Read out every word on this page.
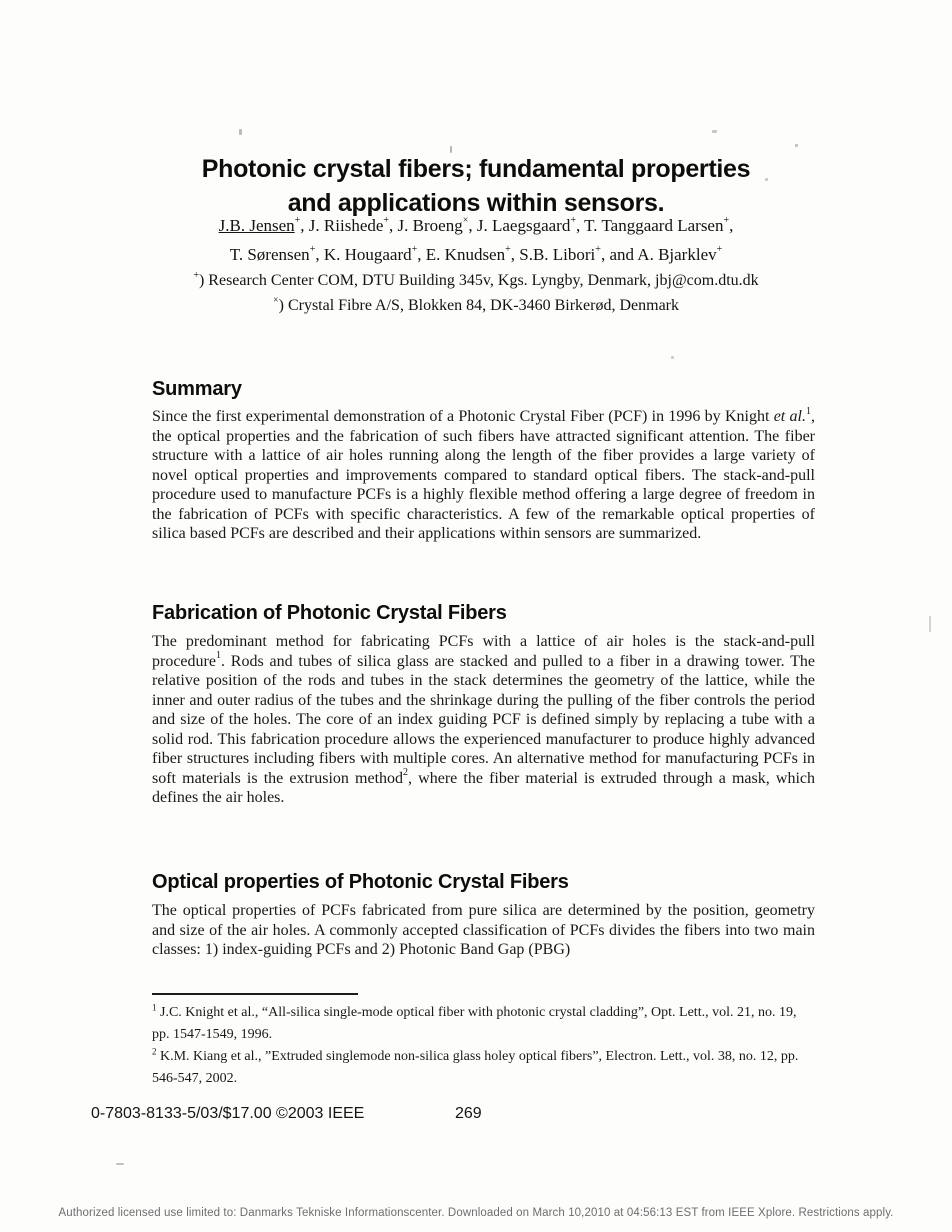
Photonic crystal fibers; fundamental properties
and applications within sensors.
J.B. Jensen+, J. Riishede+, J. Broeng×, J. Laegsgaard+, T. Tanggaard Larsen+,
T. Sørensen+, K. Hougaard+, E. Knudsen+, S.B. Libori+, and A. Bjarklev+
+) Research Center COM, DTU Building 345v, Kgs. Lyngby, Denmark, jbj@com.dtu.dk
×) Crystal Fibre A/S, Blokken 84, DK-3460 Birkerød, Denmark
Summary
Since the first experimental demonstration of a Photonic Crystal Fiber (PCF) in 1996 by Knight et al.$^1$, the optical properties and the fabrication of such fibers have attracted significant attention. The fiber structure with a lattice of air holes running along the length of the fiber provides a large variety of novel optical properties and improvements compared to standard optical fibers. The stack-and-pull procedure used to manufacture PCFs is a highly flexible method offering a large degree of freedom in the fabrication of PCFs with specific characteristics. A few of the remarkable optical properties of silica based PCFs are described and their applications within sensors are summarized.
Fabrication of Photonic Crystal Fibers
The predominant method for fabricating PCFs with a lattice of air holes is the stack-and-pull procedure$^1$. Rods and tubes of silica glass are stacked and pulled to a fiber in a drawing tower. The relative position of the rods and tubes in the stack determines the geometry of the lattice, while the inner and outer radius of the tubes and the shrinkage during the pulling of the fiber controls the period and size of the holes. The core of an index guiding PCF is defined simply by replacing a tube with a solid rod. This fabrication procedure allows the experienced manufacturer to produce highly advanced fiber structures including fibers with multiple cores. An alternative method for manufacturing PCFs in soft materials is the extrusion method$^2$, where the fiber material is extruded through a mask, which defines the air holes.
Optical properties of Photonic Crystal Fibers
The optical properties of PCFs fabricated from pure silica are determined by the position, geometry and size of the air holes. A commonly accepted classification of PCFs divides the fibers into two main classes: 1) index-guiding PCFs and 2) Photonic Band Gap (PBG)
$^1$ J.C. Knight et al., “All-silica single-mode optical fiber with photonic crystal cladding”, Opt. Lett., vol. 21, no. 19, pp. 1547-1549, 1996.
$^2$ K.M. Kiang et al., ”Extruded singlemode non-silica glass holey optical fibers”, Electron. Lett., vol. 38, no. 12, pp. 546-547, 2002.
0-7803-8133-5/03/$17.00 ©2003 IEEE	269
Authorized licensed use limited to: Danmarks Tekniske Informationscenter. Downloaded on March 10,2010 at 04:56:13 EST from IEEE Xplore. Restrictions apply.
